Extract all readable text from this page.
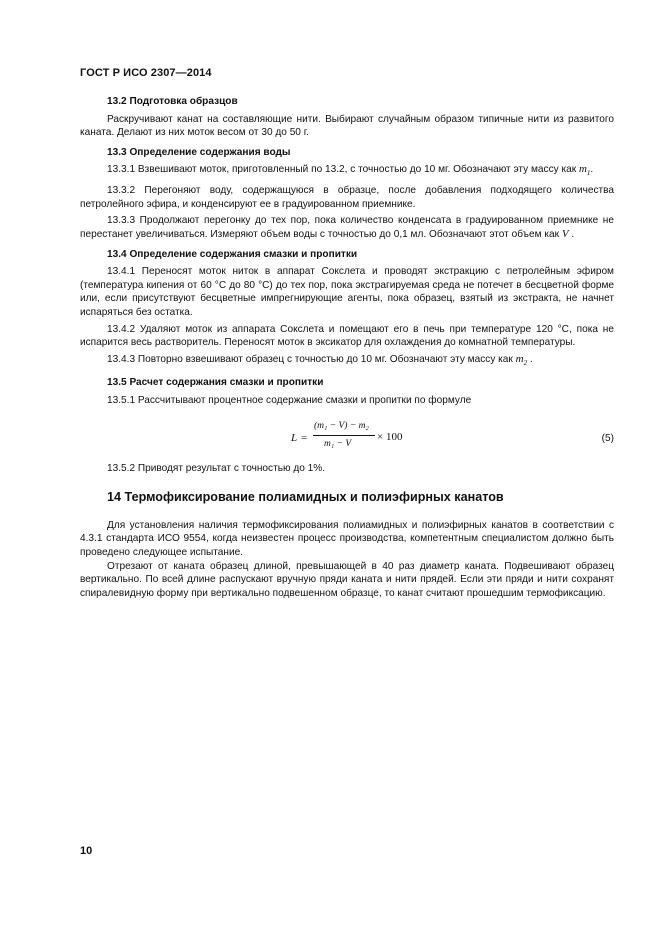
ГОСТ Р ИСО 2307—2014
13.2 Подготовка образцов

Раскручивают канат на составляющие нити. Выбирают случайным образом типичные нити из развитого каната. Делают из них моток весом от 30 до 50 г.

13.3 Определение содержания воды

13.3.1 Взвешивают моток, приготовленный по 13.2, с точностью до 10 мг. Обозначают эту массу как $m_1$.

13.3.2 Перегоняют воду, содержащуюся в образце, после добавления подходящего количества петролейного эфира, и конденсируют ее в градуированном приемнике.

13.3.3 Продолжают перегонку до тех пор, пока количество конденсата в градуированном приемнике не перестанет увеличиваться. Измеряют объем воды с точностью до 0,1 мл. Обозначают этот объем как V .

13.4 Определение содержания смазки и пропитки

13.4.1 Переносят моток ниток в аппарат Сокслета и проводят экстракцию с петролейным эфиром (температура кипения от 60 °С до 80 °С) до тех пор, пока экстрагируемая среда не потечет в бесцветной форме или, если присутствуют бесцветные импрегнирующие агенты, пока образец, взятый из экстракта, не начнет испаряться без остатка.

13.4.2 Удаляют моток из аппарата Сокслета и помещают его в печь при температуре 120 °С, пока не испарится весь растворитель. Переносят моток в эксикатор для охлаждения до комнатной температуры.

13.4.3 Повторно взвешивают образец с точностью до 10 мг. Обозначают эту массу как $m_2$ .

13.5 Расчет содержания смазки и пропитки

13.5.1 Рассчитывают процентное содержание смазки и пропитки по формуле

L =
(m₁ − V) − m₂
m₁ − V
× 100	(5)

13.5.2 Приводят результат с точностью до 1%.

14 Термофиксирование полиамидных и полиэфирных канатов

Для установления наличия термофиксирования полиамидных и полиэфирных канатов в соответствии с 4.3.1 стандарта ИСО 9554, когда неизвестен процесс производства, компетентным специалистом должно быть проведено следующее испытание.

Отрезают от каната образец длиной, превышающей в 40 раз диаметр каната. Подвешивают образец вертикально. По всей длине распускают вручную пряди каната и нити прядей. Если эти пряди и нити сохранят спиралевидную форму при вертикально подвешенном образце, то канат считают прошедшим термофиксацию.

10
